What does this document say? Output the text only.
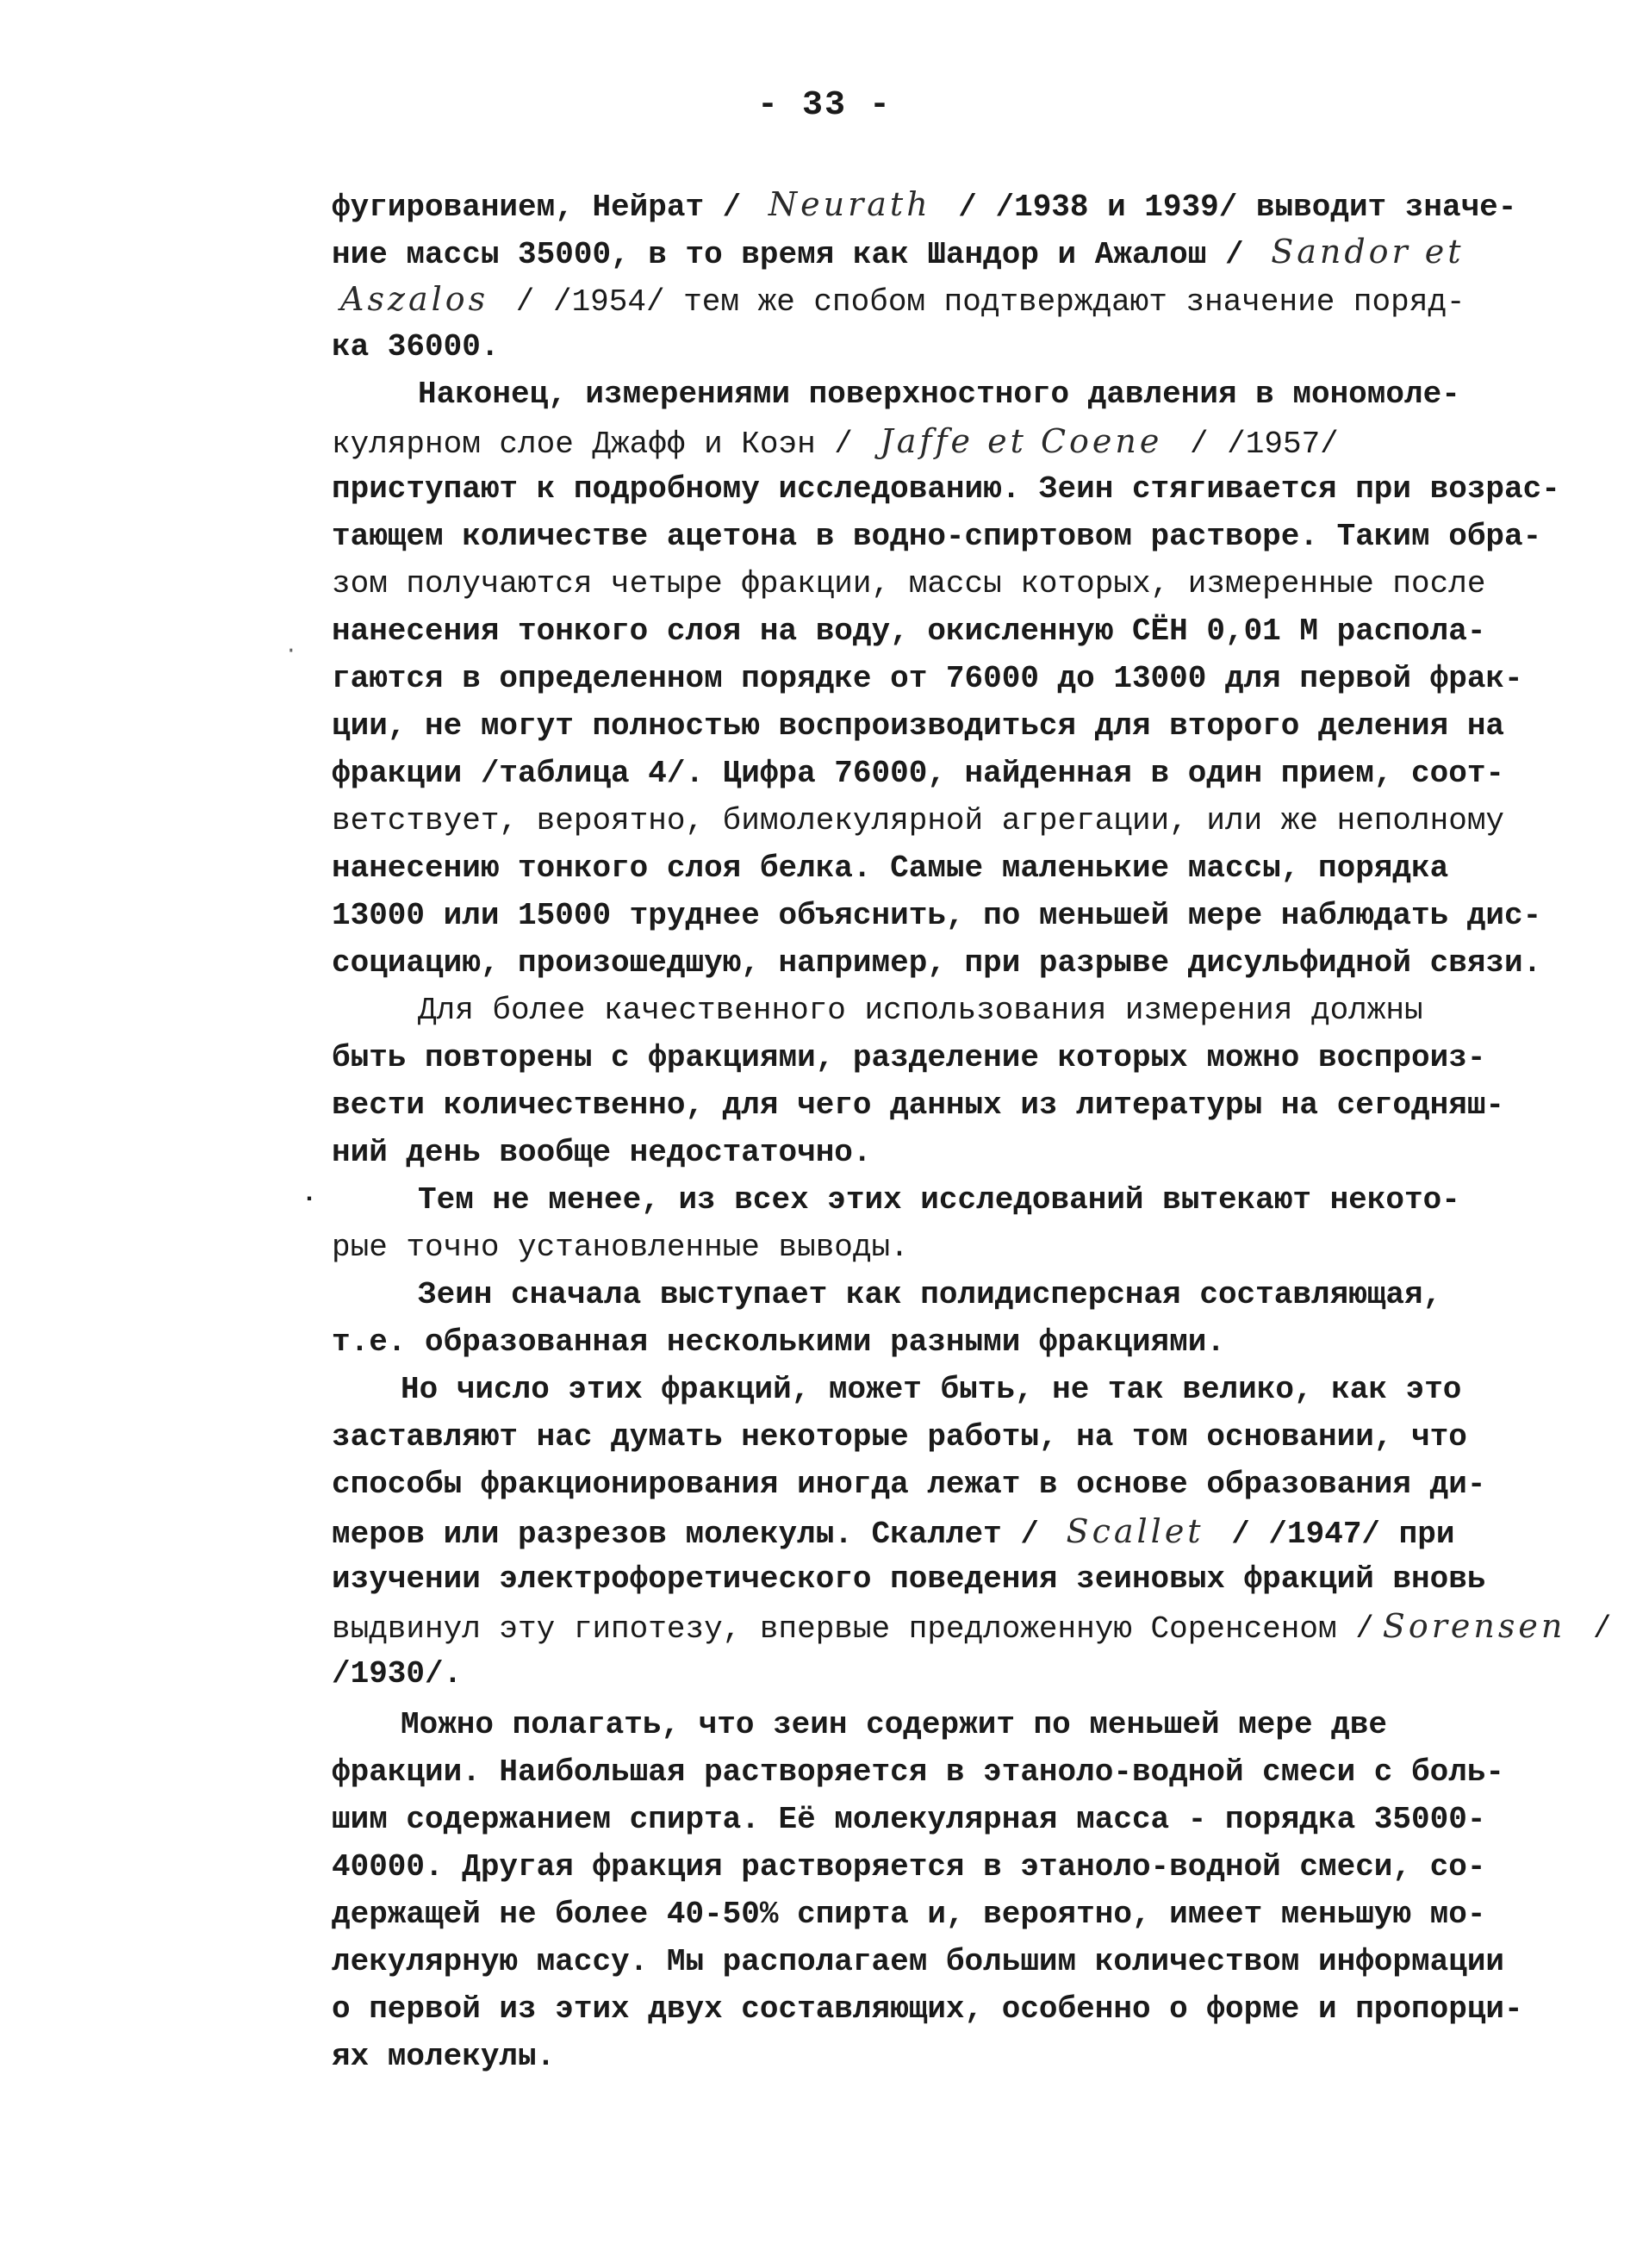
- 33 -
·
·
фугированием, Нейрат / Neurath / /1938 и 1939/ выводит значе-
ние массы 35000, в то время как Шандор и Ажалош / Sandor et
Aszalos / /1954/ тем же спобом подтверждают значение поряд-
ка 36000.
Наконец, измерениями поверхностного давления в мономоле-
кулярном слое Джафф и Коэн / Jaffe et Coene / /1957/
приступают к подробному исследованию. Зеин стягивается при возрас-
тающем количестве ацетона в водно-спиртовом растворе. Таким обра-
зом получаются четыре фракции, массы которых, измеренные после
нанесения тонкого слоя на воду, окисленную СЁН 0,01 М распола-
гаются в определенном порядке от 76000 до 13000 для первой фрак-
ции, не могут полностью воспроизводиться для второго деления на
фракции /таблица 4/. Цифра 76000, найденная в один прием, соот-
ветствует, вероятно, бимолекулярной агрегации, или же неполному
нанесению тонкого слоя белка. Самые маленькие массы, порядка
13000 или 15000 труднее объяснить, по меньшей мере наблюдать дис-
социацию, произошедшую, например, при разрыве дисульфидной связи.
Для более качественного использования измерения должны
быть повторены с фракциями, разделение которых можно воспроиз-
вести количественно, для чего данных из литературы на сегодняш-
ний день вообще недостаточно.
Тем не менее, из всех этих исследований вытекают некото-
рые точно установленные выводы.
Зеин сначала выступает как полидисперсная составляющая,
т.е. образованная несколькими разными фракциями.
Но число этих фракций, может быть, не так велико, как это
заставляют нас думать некоторые работы, на том основании, что
способы фракционирования иногда лежат в основе образования ди-
меров или разрезов молекулы. Скаллет / Scallet / /1947/ при
изучении электрофоретического поведения зеиновых фракций вновь
выдвинул эту гипотезу, впервые предложенную Соренсеном / Sorensen /
/1930/.
Можно полагать, что зеин содержит по меньшей мере две
фракции. Наибольшая растворяется в этаноло-водной смеси с боль-
шим содержанием спирта. Её молекулярная масса - порядка 35000-
40000. Другая фракция растворяется в этаноло-водной смеси, со-
держащей не более 40-50% спирта и, вероятно, имеет меньшую мо-
лекулярную массу. Мы располагаем большим количеством информации
о первой из этих двух составляющих, особенно о форме и пропорци-
ях молекулы.
